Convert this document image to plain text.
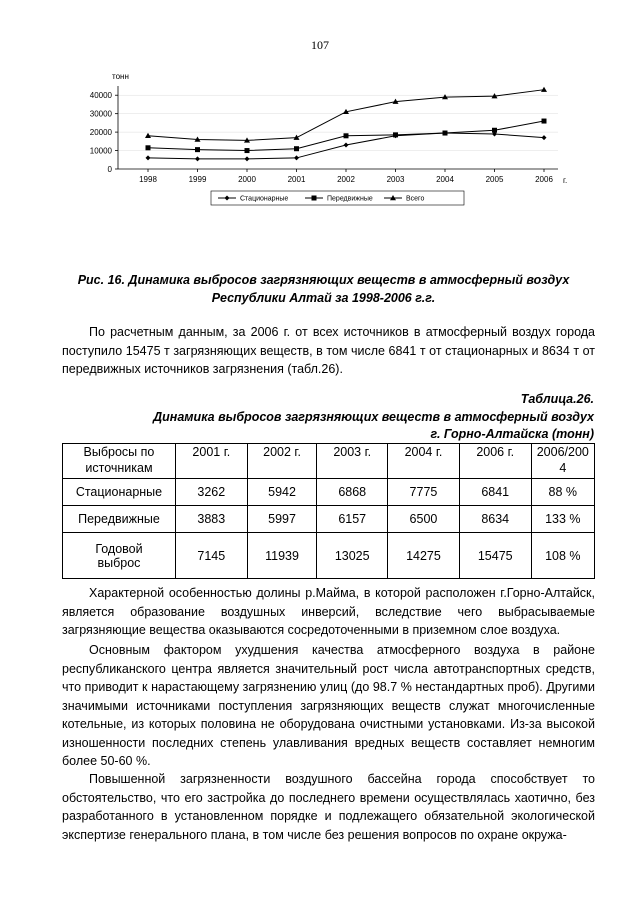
107
тонн
г.
0
10000
20000
30000
40000
1998	1999	2000	2001	2002	2003	2004	2005	2006
Стационарные	Передвижные	Всего
Рис. 16. Динамика выбросов загрязняющих веществ в атмосферный воздух
Республики Алтай за 1998-2006 г.г.

По расчетным данным, за 2006 г. от всех источников в атмосферный воздух города поступило 15475 т загрязняющих веществ, в том числе 6841 т от стационарных и 8634 т от передвижных источников загрязнения (табл.26).

Таблица.26.
Динамика выбросов загрязняющих веществ в атмосферный воздух
г. Горно-Алтайска (тонн)
Выбросы по источникам	2001 г.	2002 г.	2003 г.	2004 г.	2006 г.	2006/2004
Стационарные	3262	5942	6868	7775	6841	88 %
Передвижные	3883	5997	6157	6500	8634	133 %
Годовой выброс	7145	11939	13025	14275	15475	108 %

Характерной особенностью долины р.Майма, в которой расположен г.Горно-Алтайск, является образование воздушных инверсий, вследствие чего выбрасываемые загрязняющие вещества оказываются сосредоточенными в приземном слое воздуха.

Основным фактором ухудшения качества атмосферного воздуха в районе республиканского центра является значительный рост числа автотранспортных средств, что приводит к нарастающему загрязнению улиц (до 98.7 % нестандартных проб). Другими значимыми источниками поступления загрязняющих веществ служат многочисленные котельные, из которых половина не оборудована очистными установками. Из-за высокой изношенности последних степень улавливания вредных веществ составляет немногим более 50-60 %.

Повышенной загрязненности воздушного бассейна города способствует то обстоятельство, что его застройка до последнего времени осуществлялась хаотично, без разработанного в установленном порядке и подлежащего обязательной экологической экспертизе генерального плана, в том числе без решения вопросов по охране окружа-
